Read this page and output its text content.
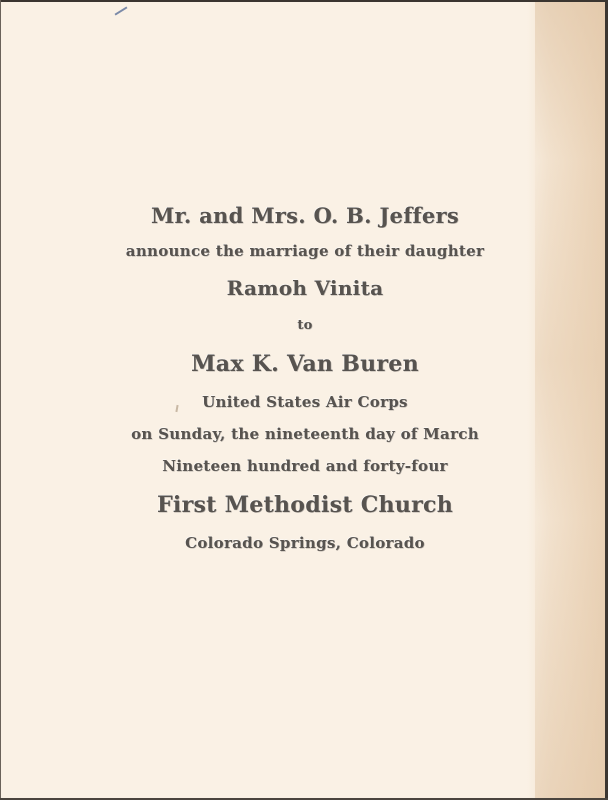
Mr. and Mrs. O. B. Jeffers
announce the marriage of their daughter
Ramoh Vinita
to
Max K. Van Buren
United States Air Corps
on Sunday, the nineteenth day of March
Nineteen hundred and forty-four
First Methodist Church
Colorado Springs, Colorado
